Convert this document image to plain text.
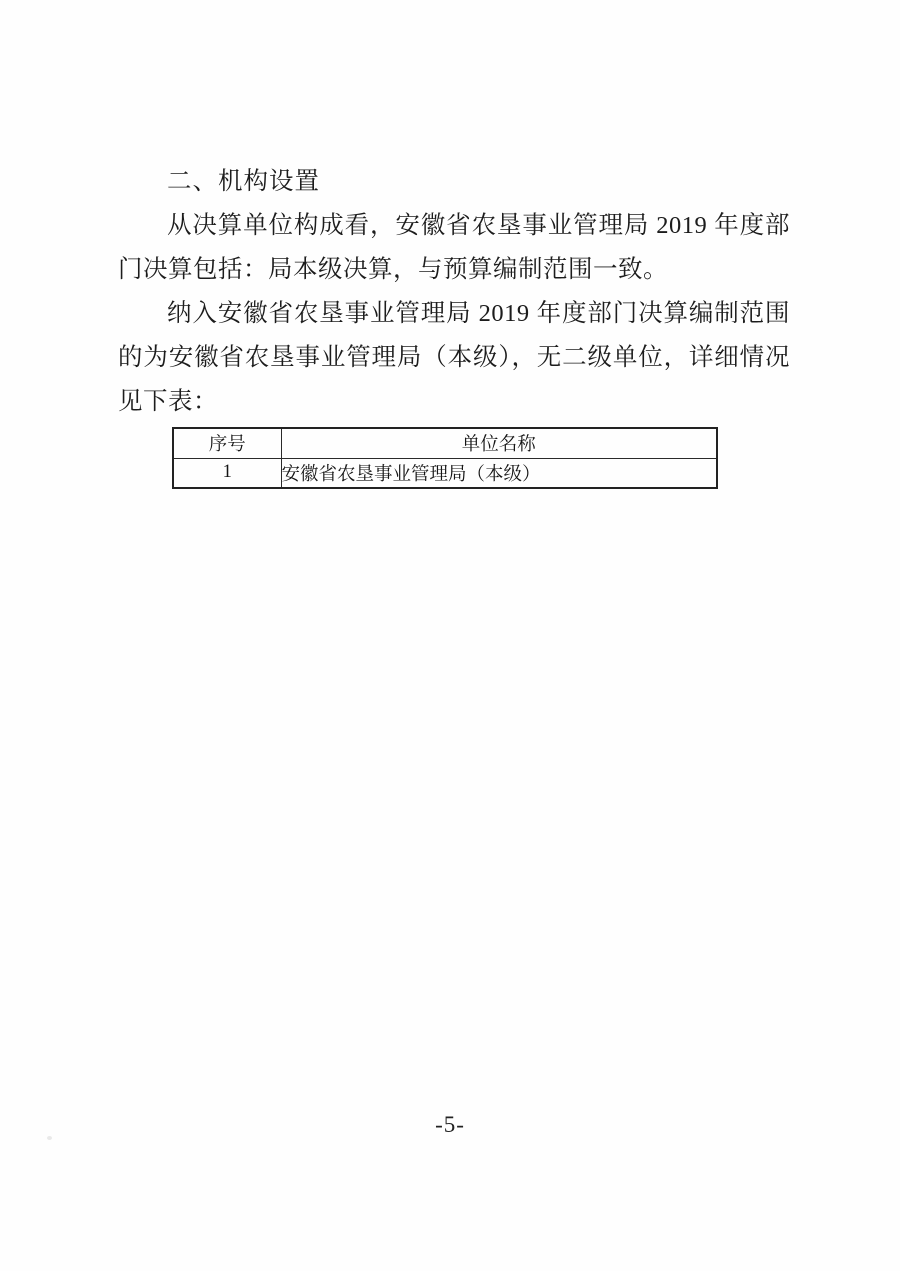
二、机构设置

从决算单位构成看，安徽省农垦事业管理局 2019 年度部门决算包括：局本级决算，与预算编制范围一致。

纳入安徽省农垦事业管理局 2019 年度部门决算编制范围的为安徽省农垦事业管理局（本级），无二级单位，详细情况见下表：

序号	单位名称
1	安徽省农垦事业管理局（本级）
-5-
